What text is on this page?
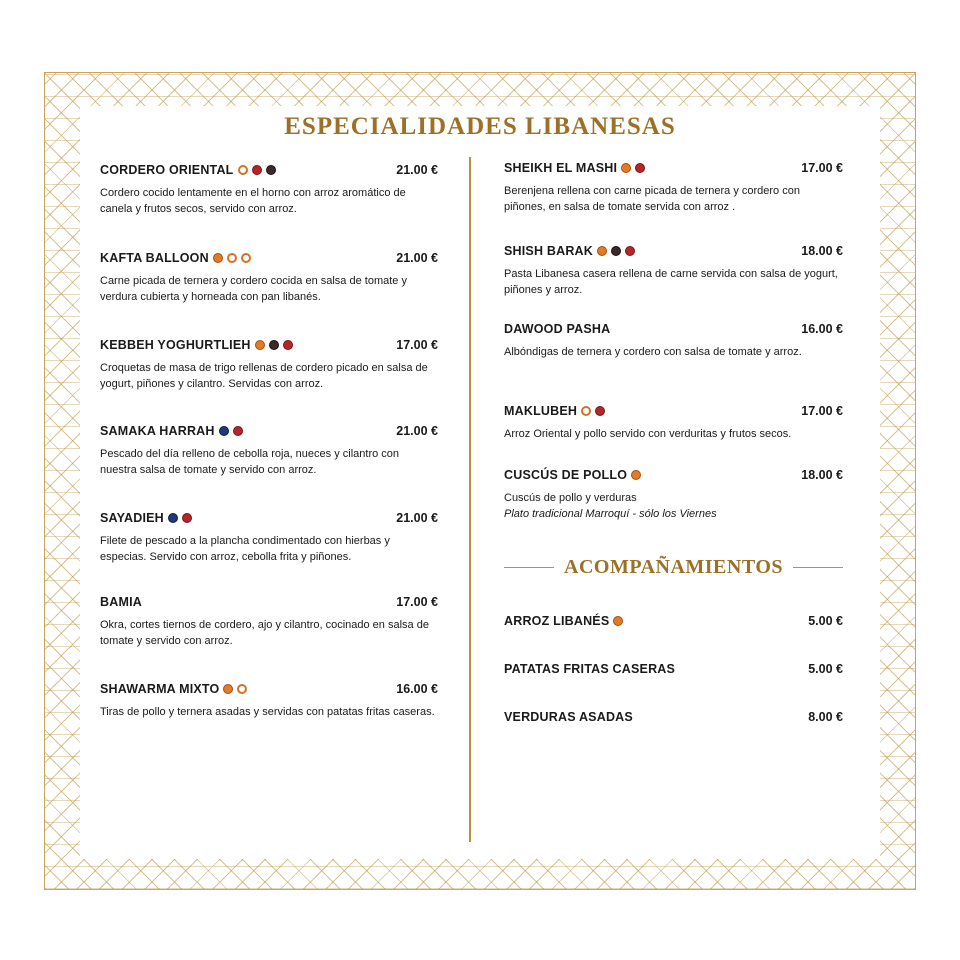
ESPECIALIDADES LIBANESAS
CORDERO ORIENTAL	21.00 €
Cordero cocido lentamente en el horno con arroz aromático de canela y frutos secos, servido con arroz.
KAFTA BALLOON	21.00 €
Carne picada de ternera y cordero cocida en salsa de tomate y verdura cubierta y horneada con pan libanés.
KEBBEH YOGHURTLIEH	17.00 €
Croquetas de masa de trigo rellenas de cordero picado en salsa de yogurt, piñones y cilantro. Servidas con arroz.
SAMAKA HARRAH	21.00 €
Pescado del día relleno de cebolla roja, nueces y cilantro con nuestra salsa de tomate y servido con arroz.
SAYADIEH	21.00 €
Filete de pescado a la plancha condimentado con hierbas y especias. Servido con arroz, cebolla frita y piñones.
BAMIA	17.00 €
Okra, cortes tiernos de cordero, ajo y cilantro, cocinado en salsa de tomate y servido con arroz.
SHAWARMA MIXTO	16.00 €
Tiras de pollo y ternera asadas y servidas con patatas fritas caseras.
SHEIKH EL MASHI	17.00 €
Berenjena rellena con carne picada de ternera y cordero con piñones, en salsa de tomate servida con arroz .
SHISH BARAK	18.00 €
Pasta Libanesa casera rellena de carne servida con salsa de yogurt, piñones y arroz.
DAWOOD PASHA	16.00 €
Albóndigas de ternera y cordero con salsa de tomate y arroz.
MAKLUBEH	17.00 €
Arroz Oriental y pollo servido con verduritas y frutos secos.
CUSCÚS DE POLLO	18.00 €
Cuscús de pollo y verduras
Plato tradicional Marroquí - sólo los Viernes
ACOMPAÑAMIENTOS
ARROZ LIBANÉS	5.00 €
PATATAS FRITAS CASERAS	5.00 €
VERDURAS ASADAS	8.00 €
